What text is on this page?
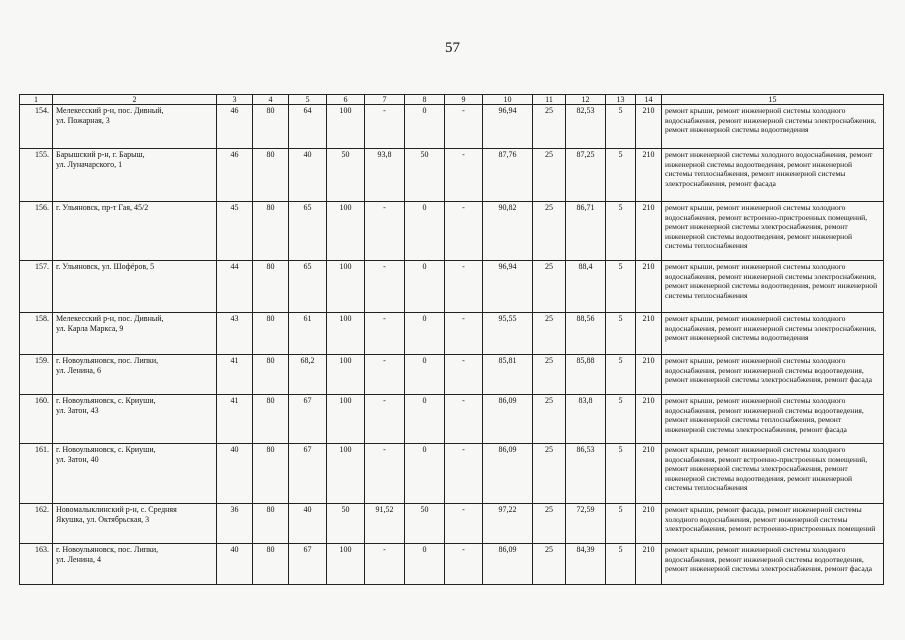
57
1	2	3	4	5	6	7	8	9	10	11	12	13	14	15
154.	Мелекесский р-н, пос. Дивный,
ул. Пожарная, 3	46	80	64	100	-	0	-	96,94	25	82,53	5	210	ремонт крыши, ремонт инженерной системы холодного водоснабжения, ремонт инженерной системы электроснабжения, ремонт инженерной системы водоотведения
155.	Барышский р-н, г. Барыш,
ул. Луначарского, 1	46	80	40	50	93,8	50	-	87,76	25	87,25	5	210	ремонт инженерной системы холодного водоснабжения, ремонт инженерной системы водоотведения, ремонт инженерной системы теплоснабжения, ремонт инженерной системы электроснабжения, ремонт фасада
156.	г. Ульяновск, пр-т Гая, 45/2	45	80	65	100	-	0	-	90,82	25	86,71	5	210	ремонт крыши, ремонт инженерной системы холодного водоснабжения, ремонт встроенно-пристроенных помещений, ремонт инженерной системы электроснабжения, ремонт инженерной системы водоотведения, ремонт инженерной системы теплоснабжения
157.	г. Ульяновск, ул. Шофёров, 5	44	80	65	100	-	0	-	96,94	25	88,4	5	210	ремонт крыши, ремонт инженерной системы холодного водоснабжения, ремонт инженерной системы электроснабжения, ремонт инженерной системы водоотведения, ремонт инженерной системы теплоснабжения
158.	Мелекесский р-н, пос. Дивный,
ул. Карла Маркса, 9	43	80	61	100	-	0	-	95,55	25	88,56	5	210	ремонт крыши, ремонт инженерной системы холодного водоснабжения, ремонт инженерной системы электроснабжения, ремонт инженерной системы водоотведения
159.	г. Новоульяновск, пос. Липки,
ул. Ленина, 6	41	80	68,2	100	-	0	-	85,81	25	85,88	5	210	ремонт крыши, ремонт инженерной системы холодного водоснабжения, ремонт инженерной системы водоотведения, ремонт инженерной системы электроснабжения, ремонт фасада
160.	г. Новоульяновск, с. Криуши,
ул. Затон, 43	41	80	67	100	-	0	-	86,09	25	83,8	5	210	ремонт крыши, ремонт инженерной системы холодного водоснабжения, ремонт инженерной системы водоотведения, ремонт инженерной системы теплоснабжения, ремонт инженерной системы электроснабжения, ремонт фасада
161.	г. Новоульяновск, с. Криуши,
ул. Затон, 40	40	80	67	100	-	0	-	86,09	25	86,53	5	210	ремонт крыши, ремонт инженерной системы холодного водоснабжения, ремонт встроенно-пристроенных помещений, ремонт инженерной системы электроснабжения, ремонт инженерной системы водоотведения, ремонт инженерной системы теплоснабжения
162.	Новомалыклинский р-н, с. Средняя
Якушка, ул. Октябрьская, 3	36	80	40	50	91,52	50	-	97,22	25	72,59	5	210	ремонт крыши, ремонт фасада, ремонт инженерной системы холодного водоснабжения, ремонт инженерной системы электроснабжения, ремонт встроенно-пристроенных помещений
163.	г. Новоульяновск, пос. Липки,
ул. Ленина, 4	40	80	67	100	-	0	-	86,09	25	84,39	5	210	ремонт крыши, ремонт инженерной системы холодного водоснабжения, ремонт инженерной системы водоотведения, ремонт инженерной системы электроснабжения, ремонт фасада
